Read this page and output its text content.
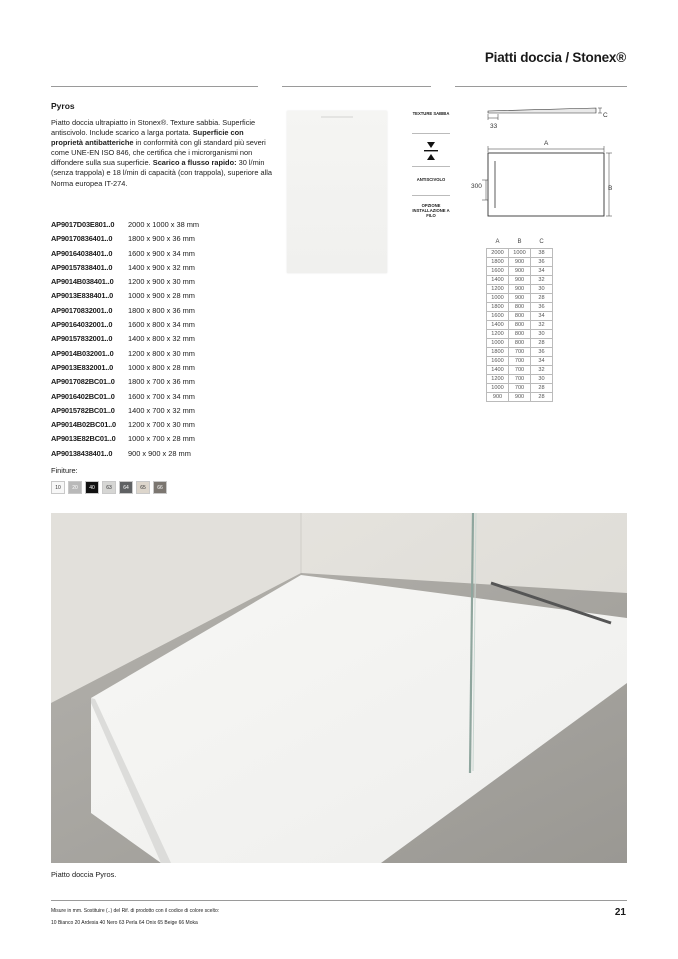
Piatti doccia / Stonex®
Pyros
Piatto doccia ultrapiatto in Stonex®. Texture sabbia. Superficie antiscivolo. Include scarico a larga portata. Superficie con proprietà antibatteriche in conformità con gli standard più severi come UNE-EN ISO 846, che certifica che i microrganismi non diffondere sulla sua superficie. Scarico a flusso rapido: 30 l/min (senza trappola) e 18 l/min di capacità (con trappola), superiore alla Norma europea IT-274.
AP9017D03E801..0 2000 x 1000 x 38 mm
AP90170836401..0 1800 x 900 x 36 mm
AP90164038401..0 1600 x 900 x 34 mm
AP90157838401..0 1400 x 900 x 32 mm
AP9014B038401..0 1200 x 900 x 30 mm
AP9013E838401..0 1000 x 900 x 28 mm
AP90170832001..0 1800 x 800 x 36 mm
AP90164032001..0 1600 x 800 x 34 mm
AP90157832001..0 1400 x 800 x 32 mm
AP9014B032001..0 1200 x 800 x 30 mm
AP9013E832001..0 1000 x 800 x 28 mm
AP9017082BC01..0 1800 x 700 x 36 mm
AP9016402BC01..0 1600 x 700 x 34 mm
AP9015782BC01..0 1400 x 700 x 32 mm
AP9014B02BC01..0 1200 x 700 x 30 mm
AP9013E82BC01..0 1000 x 700 x 28 mm
AP90138438401..0 900 x 900 x 28 mm
Finiture:
10	20	40	63	64	65	66
TEXTURE SABBIA
ANTISCIVOLO
OPZIONE INSTALLAZIONE A FILO
C
33
A
B
300
A	B	C
2000	1000	38
1800	900	36
1600	900	34
1400	900	32
1200	900	30
1000	900	28
1800	800	36
1600	800	34
1400	800	32
1200	800	30
1000	800	28
1800	700	36
1600	700	34
1400	700	32
1200	700	30
1000	700	28
900	900	28
Piatto doccia Pyros.
Misure in mm. Sostituire (..) del Rif. di prodotto con il codice di colore scelto:
10 Bianco 20 Ardesia 40 Nero 63 Perla 64 Onix 65 Beige 66 Moka
21
